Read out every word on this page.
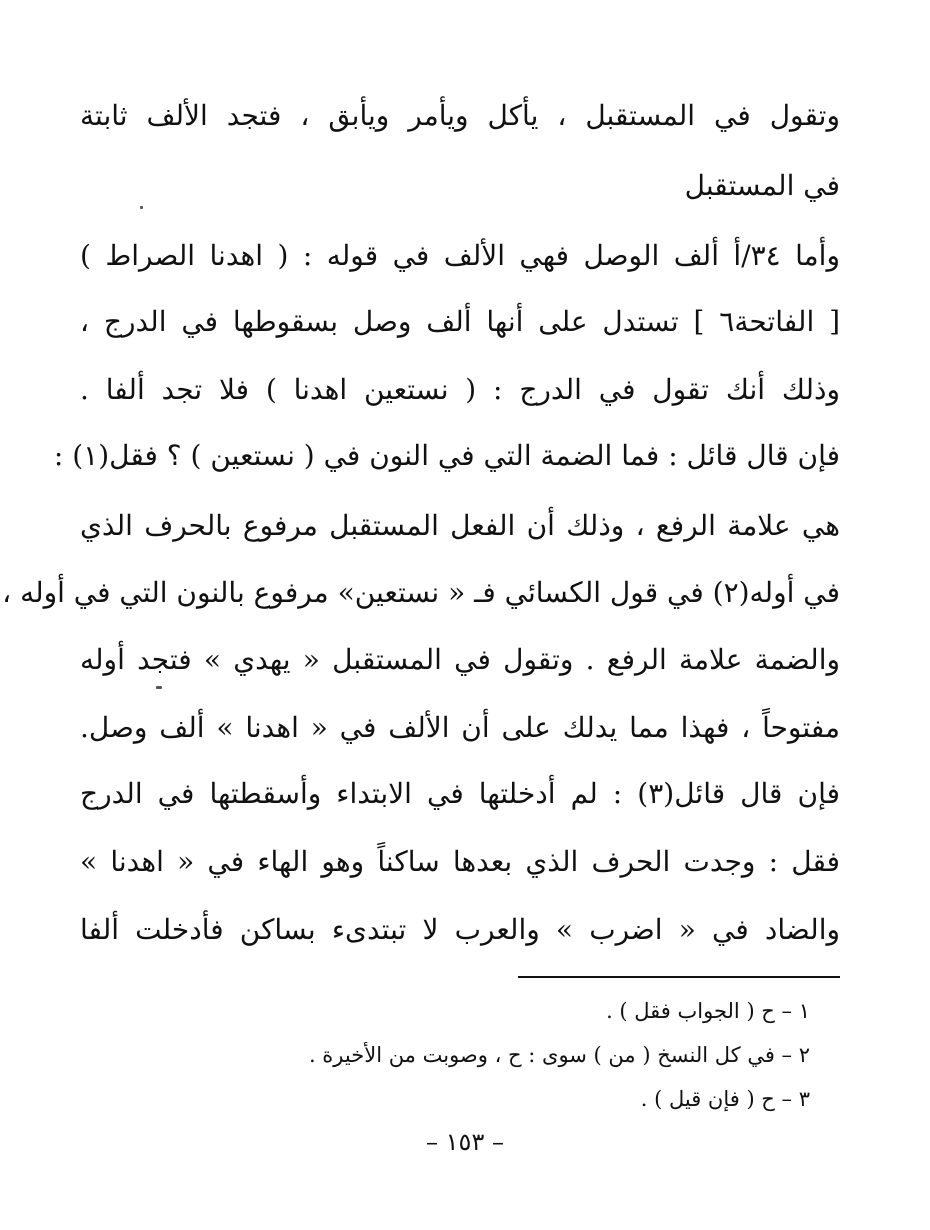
وتقول في المستقبل ، يأكل ويأمر ويأبق ، فتجد الألف ثابتة
في المستقبل
وأما ٣٤/أ ألف الوصل فهي الألف في قوله : ( اهدنا الصراط )
[ الفاتحة٦ ] تستدل على أنها ألف وصل بسقوطها في الدرج ،
وذلك أنك تقول في الدرج : ( نستعين اهدنا ) فلا تجد ألفا .
فإن قال قائل : فما الضمة التي في النون في ( نستعين ) ؟ فقل(١) :
هي علامة الرفع ، وذلك أن الفعل المستقبل مرفوع بالحرف الذي
في أوله(٢) في قول الكسائي فـ « نستعين» مرفوع بالنون التي في أوله ،
والضمة علامة الرفع . وتقول في المستقبل « يهدي » فتجد أوله
مفتوحاً ، فهذا مما يدلك على أن الألف في « اهدنا » ألف وصل.
فإن قال قائل(٣) : لم أدخلتها في الابتداء وأسقطتها في الدرج
فقل : وجدت الحرف الذي بعدها ساكناً وهو الهاء في « اهدنا »
والضاد في « اضرب » والعرب لا تبتدىء بساكن فأدخلت ألفا
١ – ح ( الجواب فقل ) .
٢ – في كل النسخ ( من ) سوى : ح ، وصوبت من الأخيرة .
٣ – ح ( فإن قيل ) .
– ١٥٣ –
